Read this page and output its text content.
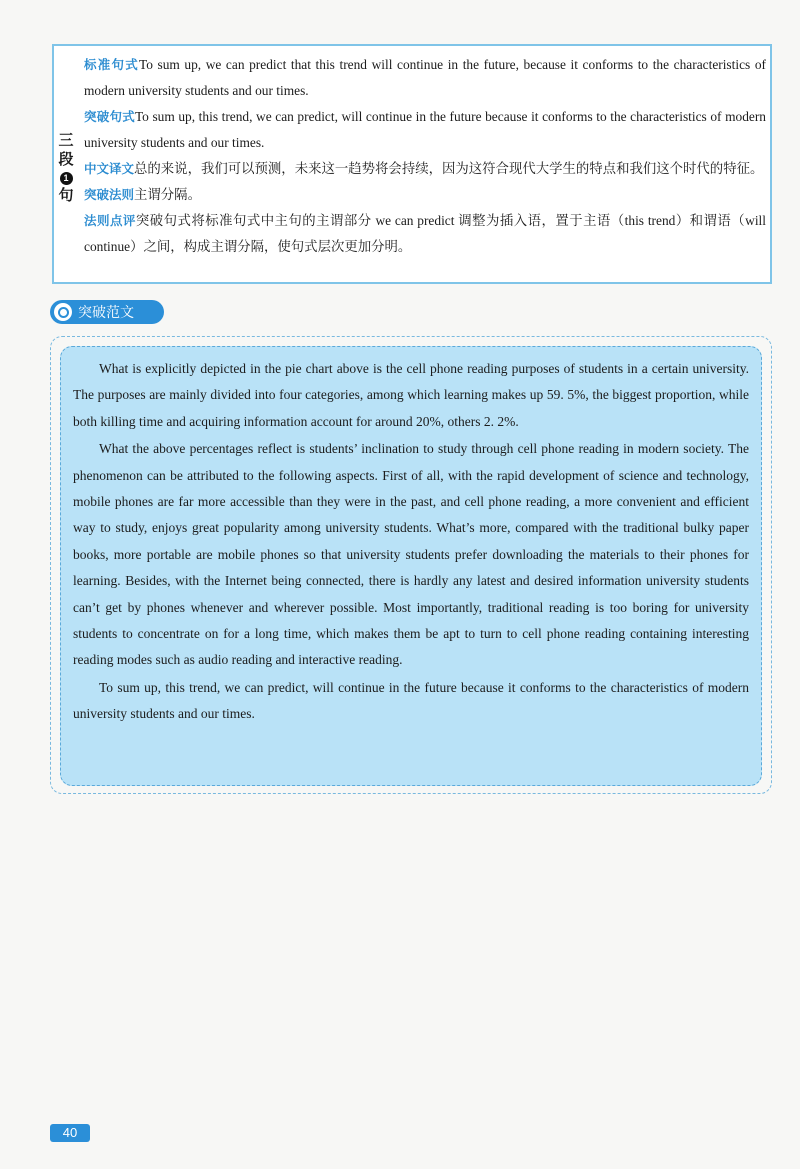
三
段
1
句

标准句式To sum up, we can predict that this trend will continue in the future, because it conforms to the characteristics of modern university students and our times.

突破句式To sum up, this trend, we can predict, will continue in the future because it conforms to the characteristics of modern university students and our times.

中文译文总的来说，我们可以预测，未来这一趋势将会持续，因为这符合现代大学生的特点和我们这个时代的特征。

突破法则主谓分隔。

法则点评突破句式将标准句式中主句的主谓部分 we can predict 调整为插入语，置于主语（this trend）和谓语（will continue）之间，构成主谓分隔，使句式层次更加分明。

突破范文

What is explicitly depicted in the pie chart above is the cell phone reading purposes of students in a certain university. The purposes are mainly divided into four categories, among which learning makes up 59. 5%, the biggest proportion, while both killing time and acquiring information account for around 20%, others 2. 2%.

What the above percentages reflect is students’ inclination to study through cell phone reading in modern society. The phenomenon can be attributed to the following aspects. First of all, with the rapid development of science and technology, mobile phones are far more accessible than they were in the past, and cell phone reading, a more convenient and efficient way to study, enjoys great popularity among university students. What’s more, compared with the traditional bulky paper books, more portable are mobile phones so that university students prefer downloading the materials to their phones for learning. Besides, with the Internet being connected, there is hardly any latest and desired information university students can’t get by phones whenever and wherever possible. Most importantly, traditional reading is too boring for university students to concentrate on for a long time, which makes them be apt to turn to cell phone reading containing interesting reading modes such as audio reading and interactive reading.

To sum up, this trend, we can predict, will continue in the future because it conforms to the characteristics of modern university students and our times.

40
